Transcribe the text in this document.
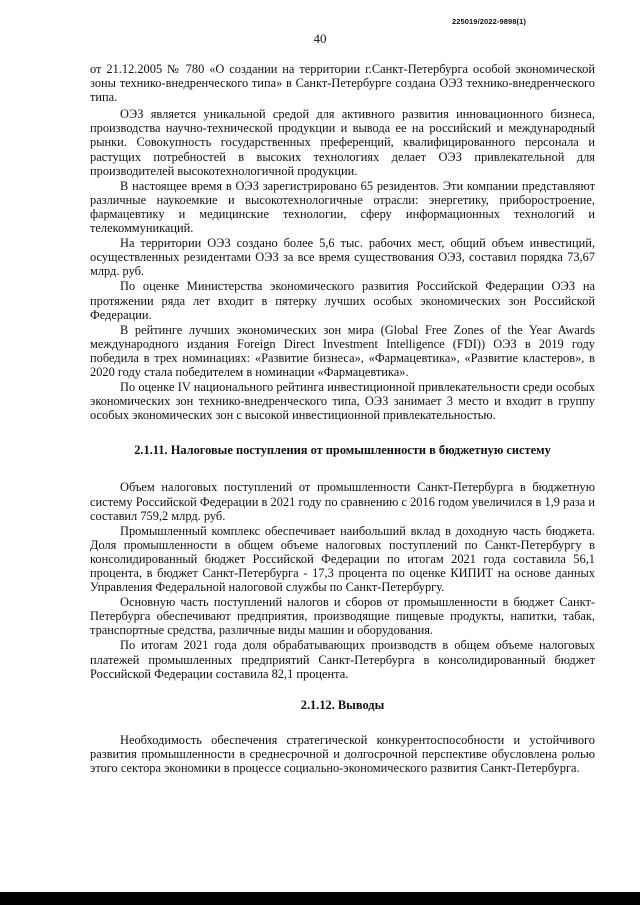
225019/2022-9898(1)
40

от 21.12.2005 № 780 «О создании на территории г.Санкт-Петербурга особой экономической зоны технико-внедренческого типа» в Санкт-Петербурге создана ОЭЗ технико-внедренческого типа.

ОЭЗ является уникальной средой для активного развития инновационного бизнеса, производства научно-технической продукции и вывода ее на российский и международный рынки. Совокупность государственных преференций, квалифицированного персонала и растущих потребностей в высоких технологиях делает ОЭЗ привлекательной для производителей высокотехнологичной продукции.

В настоящее время в ОЭЗ зарегистрировано 65 резидентов. Эти компании представляют различные наукоемкие и высокотехнологичные отрасли: энергетику, приборостроение, фармацевтику и медицинские технологии, сферу информационных технологий и телекоммуникаций.

На территории ОЭЗ создано более 5,6 тыс. рабочих мест, общий объем инвестиций, осуществленных резидентами ОЭЗ за все время существования ОЭЗ, составил порядка 73,67 млрд. руб.

По оценке Министерства экономического развития Российской Федерации ОЭЗ на протяжении ряда лет входит в пятерку лучших особых экономических зон Российской Федерации.

В рейтинге лучших экономических зон мира (Global Free Zones of the Year Awards международного издания Foreign Direct Investment Intelligence (FDI)) ОЭЗ в 2019 году победила в трех номинациях: «Развитие бизнеса», «Фармацевтика», «Развитие кластеров», в 2020 году стала победителем в номинации «Фармацевтика».

По оценке IV национального рейтинга инвестиционной привлекательности среди особых экономических зон технико-внедренческого типа, ОЭЗ занимает 3 место и входит в группу особых экономических зон с высокой инвестиционной привлекательностью.

2.1.11. Налоговые поступления от промышленности в бюджетную систему

Объем налоговых поступлений от промышленности Санкт-Петербурга в бюджетную систему Российской Федерации в 2021 году по сравнению с 2016 годом увеличился в 1,9 раза и составил 759,2 млрд. руб.

Промышленный комплекс обеспечивает наибольший вклад в доходную часть бюджета. Доля промышленности в общем объеме налоговых поступлений по Санкт-Петербургу в консолидированный бюджет Российской Федерации по итогам 2021 года составила 56,1 процента, в бюджет Санкт-Петербурга - 17,3 процента по оценке КИПИТ на основе данных Управления Федеральной налоговой службы по Санкт-Петербургу.

Основную часть поступлений налогов и сборов от промышленности в бюджет Санкт-Петербурга обеспечивают предприятия, производящие пищевые продукты, напитки, табак, транспортные средства, различные виды машин и оборудования.

По итогам 2021 года доля обрабатывающих производств в общем объеме налоговых платежей промышленных предприятий Санкт-Петербурга в консолидированный бюджет Российской Федерации составила 82,1 процента.

2.1.12. Выводы

Необходимость обеспечения стратегической конкурентоспособности и устойчивого развития промышленности в среднесрочной и долгосрочной перспективе обусловлена ролью этого сектора экономики в процессе социально-экономического развития Санкт-Петербурга.
